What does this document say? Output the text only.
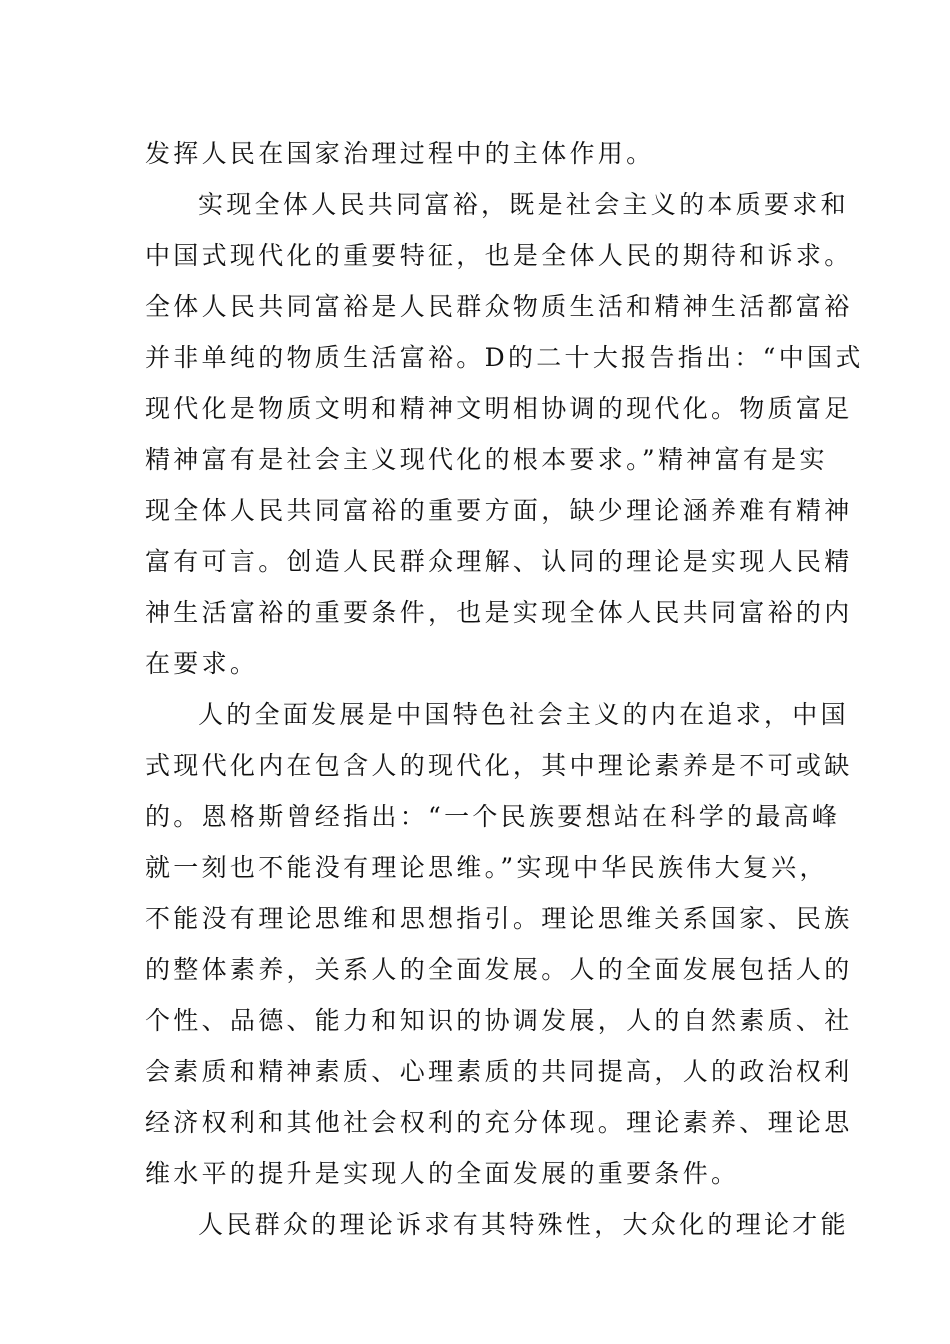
发挥人民在国家治理过程中的主体作用。
实现全体人民共同富裕，既是社会主义的本质要求和
中国式现代化的重要特征，也是全体人民的期待和诉求。
全体人民共同富裕是人民群众物质生活和精神生活都富裕
并非单纯的物质生活富裕。D的二十大报告指出：“中国式
现代化是物质文明和精神文明相协调的现代化。物质富足
精神富有是社会主义现代化的根本要求。”精神富有是实
现全体人民共同富裕的重要方面，缺少理论涵养难有精神
富有可言。创造人民群众理解、认同的理论是实现人民精
神生活富裕的重要条件，也是实现全体人民共同富裕的内
在要求。
人的全面发展是中国特色社会主义的内在追求，中国
式现代化内在包含人的现代化，其中理论素养是不可或缺
的。恩格斯曾经指出：“一个民族要想站在科学的最高峰
就一刻也不能没有理论思维。”实现中华民族伟大复兴，
不能没有理论思维和思想指引。理论思维关系国家、民族
的整体素养，关系人的全面发展。人的全面发展包括人的
个性、品德、能力和知识的协调发展，人的自然素质、社
会素质和精神素质、心理素质的共同提高，人的政治权利
经济权利和其他社会权利的充分体现。理论素养、理论思
维水平的提升是实现人的全面发展的重要条件。
人民群众的理论诉求有其特殊性，大众化的理论才能
